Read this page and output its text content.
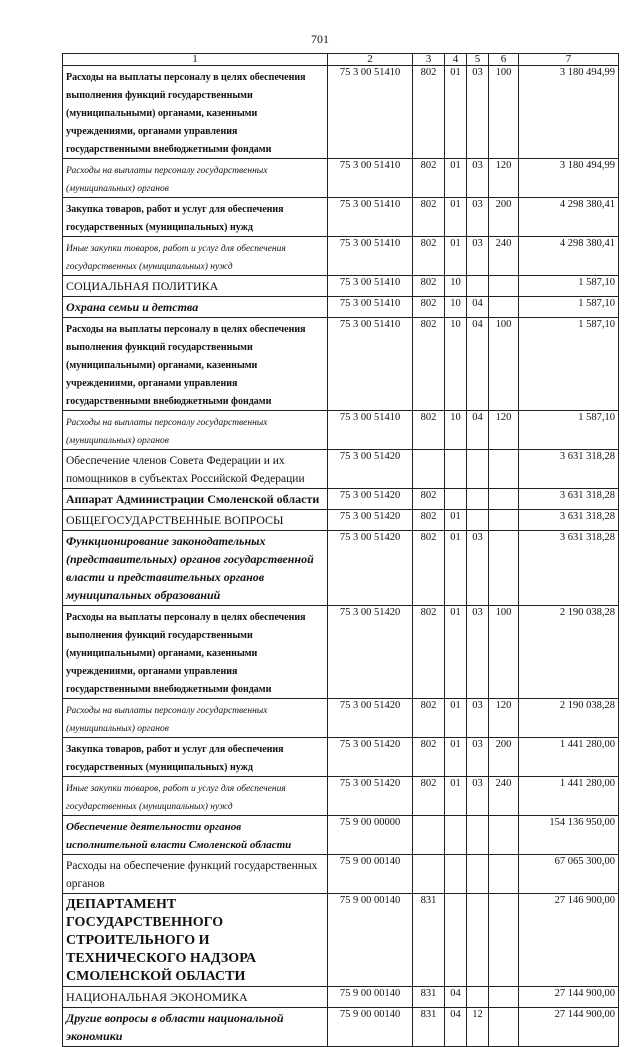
701
1	2	3	4	5	6	7
Расходы на выплаты персоналу в целях обеспечения выполнения функций государственными (муниципальными) органами, казенными учреждениями, органами управления государственными внебюджетными фондами	75 3 00 51410	802	01	03	100	3 180 494,99
Расходы на выплаты персоналу государственных (муниципальных) органов	75 3 00 51410	802	01	03	120	3 180 494,99
Закупка товаров, работ и услуг для обеспечения государственных (муниципальных) нужд	75 3 00 51410	802	01	03	200	4 298 380,41
Иные закупки товаров, работ и услуг для обеспечения государственных (муниципальных) нужд	75 3 00 51410	802	01	03	240	4 298 380,41
СОЦИАЛЬНАЯ ПОЛИТИКА	75 3 00 51410	802	10			1 587,10
Охрана семьи и детства	75 3 00 51410	802	10	04		1 587,10
Расходы на выплаты персоналу в целях обеспечения выполнения функций государственными (муниципальными) органами, казенными учреждениями, органами управления государственными внебюджетными фондами	75 3 00 51410	802	10	04	100	1 587,10
Расходы на выплаты персоналу государственных (муниципальных) органов	75 3 00 51410	802	10	04	120	1 587,10
Обеспечение членов Совета Федерации и их помощников в субъектах Российской Федерации	75 3 00 51420					3 631 318,28
Аппарат Администрации Смоленской области	75 3 00 51420	802				3 631 318,28
ОБЩЕГОСУДАРСТВЕННЫЕ ВОПРОСЫ	75 3 00 51420	802	01			3 631 318,28
Функционирование законодательных (представительных) органов государственной власти и представительных органов муниципальных образований	75 3 00 51420	802	01	03		3 631 318,28
Расходы на выплаты персоналу в целях обеспечения выполнения функций государственными (муниципальными) органами, казенными учреждениями, органами управления государственными внебюджетными фондами	75 3 00 51420	802	01	03	100	2 190 038,28
Расходы на выплаты персоналу государственных (муниципальных) органов	75 3 00 51420	802	01	03	120	2 190 038,28
Закупка товаров, работ и услуг для обеспечения государственных (муниципальных) нужд	75 3 00 51420	802	01	03	200	1 441 280,00
Иные закупки товаров, работ и услуг для обеспечения государственных (муниципальных) нужд	75 3 00 51420	802	01	03	240	1 441 280,00
Обеспечение деятельности органов исполнительной власти Смоленской области	75 9 00 00000					154 136 950,00
Расходы на обеспечение функций государственных органов	75 9 00 00140					67 065 300,00
ДЕПАРТАМЕНТ ГОСУДАРСТВЕННОГО СТРОИТЕЛЬНОГО И ТЕХНИЧЕСКОГО НАДЗОРА СМОЛЕНСКОЙ ОБЛАСТИ	75 9 00 00140	831				27 146 900,00
НАЦИОНАЛЬНАЯ ЭКОНОМИКА	75 9 00 00140	831	04			27 144 900,00
Другие вопросы в области национальной экономики	75 9 00 00140	831	04	12		27 144 900,00
